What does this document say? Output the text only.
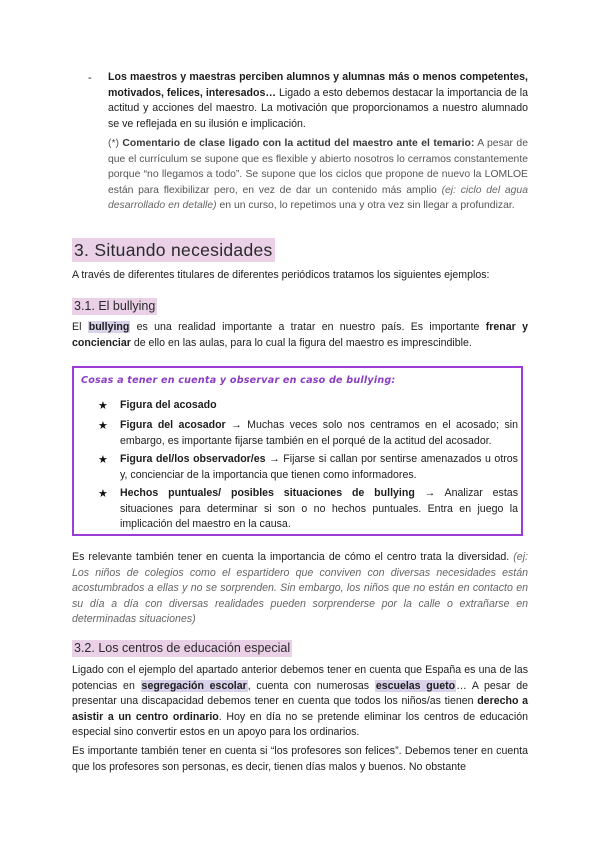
- Los maestros y maestras perciben alumnos y alumnas más o menos competentes, motivados, felices, interesados… Ligado a esto debemos destacar la importancia de la actitud y acciones del maestro. La motivación que proporcionamos a nuestro alumnado se ve reflejada en su ilusión e implicación.

(*) Comentario de clase ligado con la actitud del maestro ante el temario: A pesar de que el currículum se supone que es flexible y abierto nosotros lo cerramos constantemente porque “no llegamos a todo”. Se supone que los ciclos que propone de nuevo la LOMLOE están para flexibilizar pero, en vez de dar un contenido más amplio (ej: ciclo del agua desarrollado en detalle) en un curso, lo repetimos una y otra vez sin llegar a profundizar.

3. Situando necesidades

A través de diferentes titulares de diferentes periódicos tratamos los siguientes ejemplos:

3.1. El bullying

El bullying es una realidad importante a tratar en nuestro país. Es importante frenar y concienciar de ello en las aulas, para lo cual la figura del maestro es imprescindible.

Cosas a tener en cuenta y observar en caso de bullying:
★ Figura del acosado
★ Figura del acosador → Muchas veces solo nos centramos en el acosado; sin embargo, es importante fijarse también en el porqué de la actitud del acosador.
★ Figura del/los observador/es → Fijarse si callan por sentirse amenazados u otros y, concienciar de la importancia que tienen como informadores.
★ Hechos puntuales/ posibles situaciones de bullying → Analizar estas situaciones para determinar si son o no hechos puntuales. Entra en juego la implicación del maestro en la causa.

Es relevante también tener en cuenta la importancia de cómo el centro trata la diversidad. (ej: Los niños de colegios como el espartidero que conviven con diversas necesidades están acostumbrados a ellas y no se sorprenden. Sin embargo, los niños que no están en contacto en su día a día con diversas realidades pueden sorprenderse por la calle o extrañarse en determinadas situaciones)

3.2. Los centros de educación especial

Ligado con el ejemplo del apartado anterior debemos tener en cuenta que España es una de las potencias en segregación escolar, cuenta con numerosas escuelas gueto… A pesar de presentar una discapacidad debemos tener en cuenta que todos los niños/as tienen derecho a asistir a un centro ordinario. Hoy en día no se pretende eliminar los centros de educación especial sino convertir estos en un apoyo para los ordinarios.

Es importante también tener en cuenta si “los profesores son felices”. Debemos tener en cuenta que los profesores son personas, es decir, tienen días malos y buenos. No obstante
